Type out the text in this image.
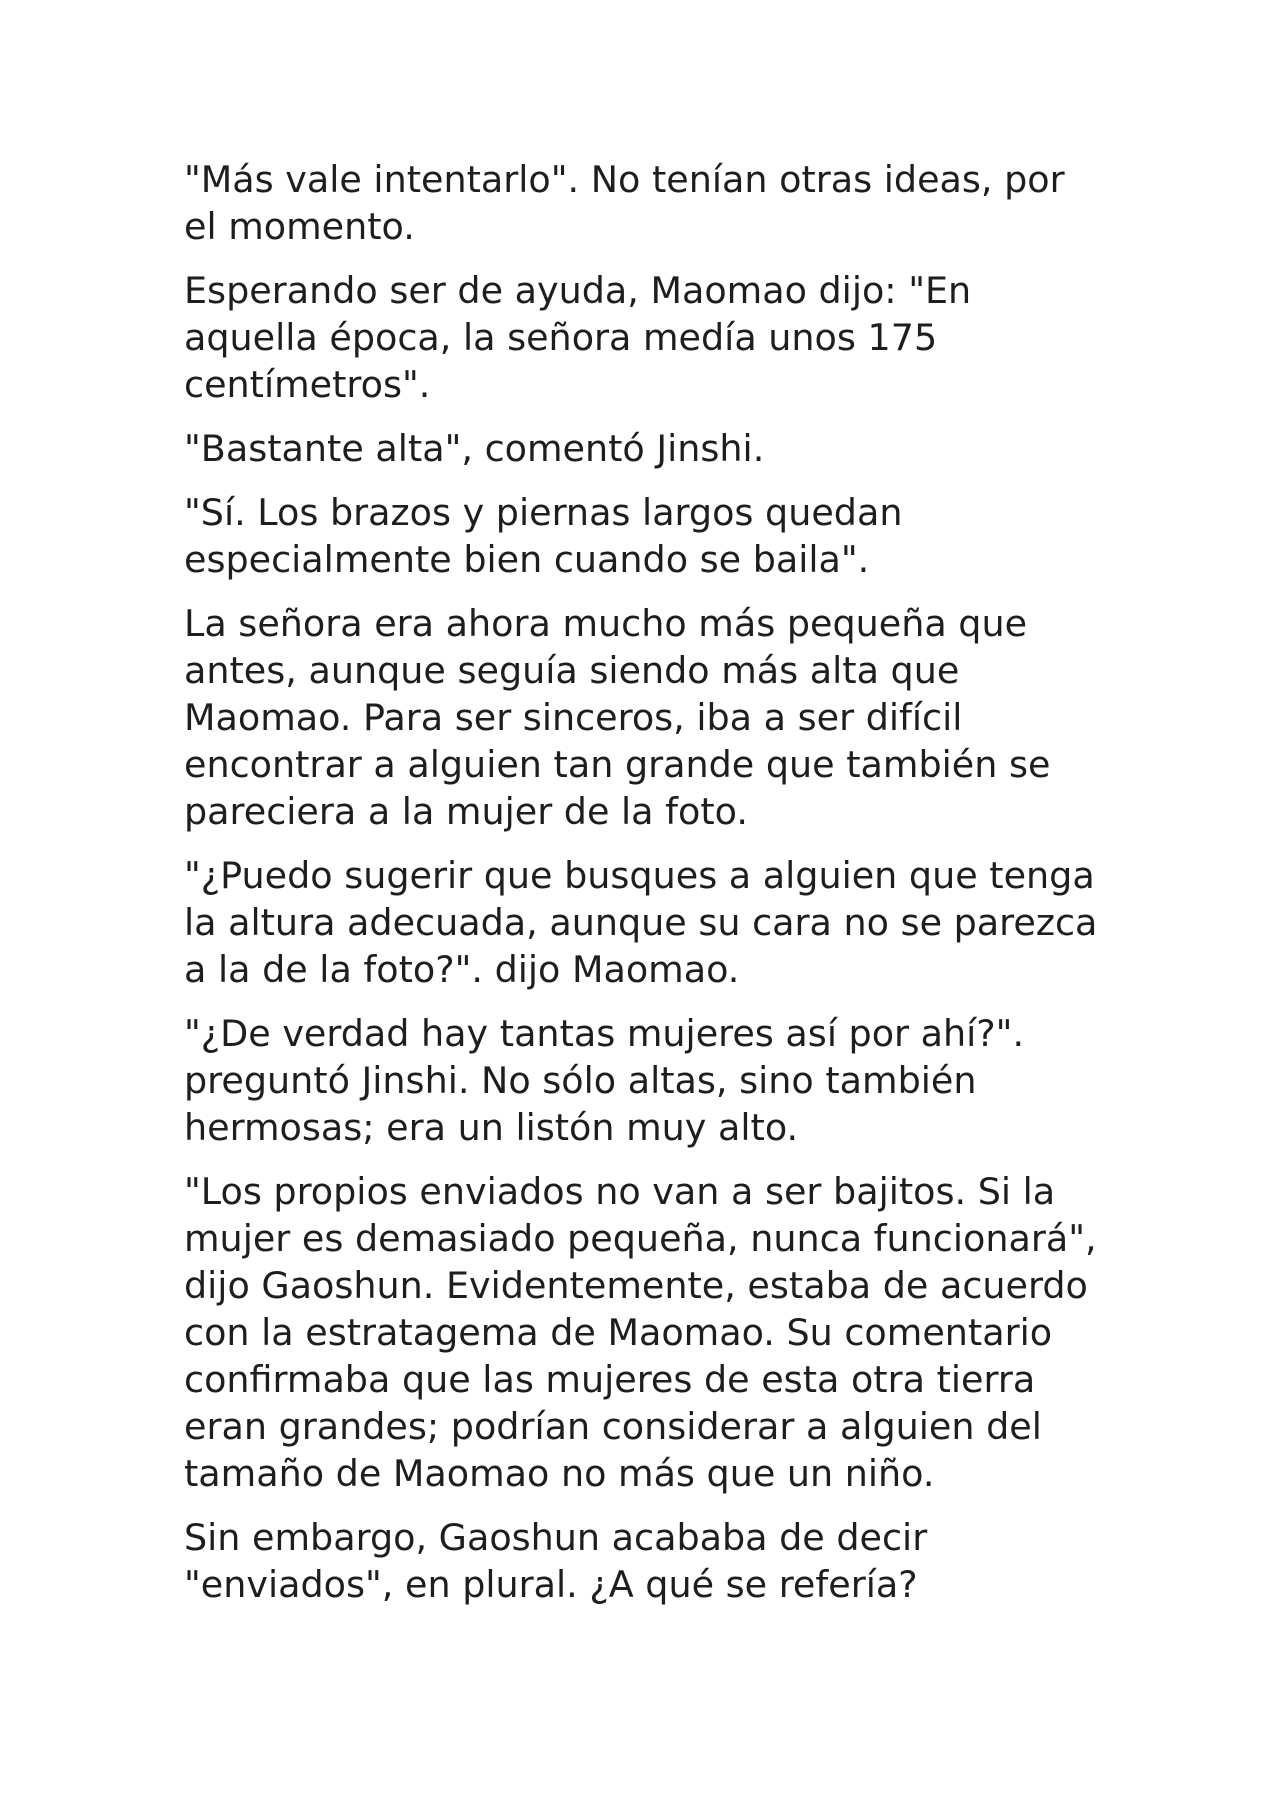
"Más vale intentarlo". No tenían otras ideas, por el momento.

Esperando ser de ayuda, Maomao dijo: "En aquella época, la señora medía unos 175 centímetros".

"Bastante alta", comentó Jinshi.

"Sí. Los brazos y piernas largos quedan especialmente bien cuando se baila".

La señora era ahora mucho más pequeña que antes, aunque seguía siendo más alta que Maomao. Para ser sinceros, iba a ser difícil encontrar a alguien tan grande que también se pareciera a la mujer de la foto.

"¿Puedo sugerir que busques a alguien que tenga la altura adecuada, aunque su cara no se parezca a la de la foto?". dijo Maomao.

"¿De verdad hay tantas mujeres así por ahí?". preguntó Jinshi. No sólo altas, sino también hermosas; era un listón muy alto.

"Los propios enviados no van a ser bajitos. Si la mujer es demasiado pequeña, nunca funcionará", dijo Gaoshun. Evidentemente, estaba de acuerdo con la estratagema de Maomao. Su comentario confirmaba que las mujeres de esta otra tierra eran grandes; podrían considerar a alguien del tamaño de Maomao no más que un niño.

Sin embargo, Gaoshun acababa de decir "enviados", en plural. ¿A qué se refería?
